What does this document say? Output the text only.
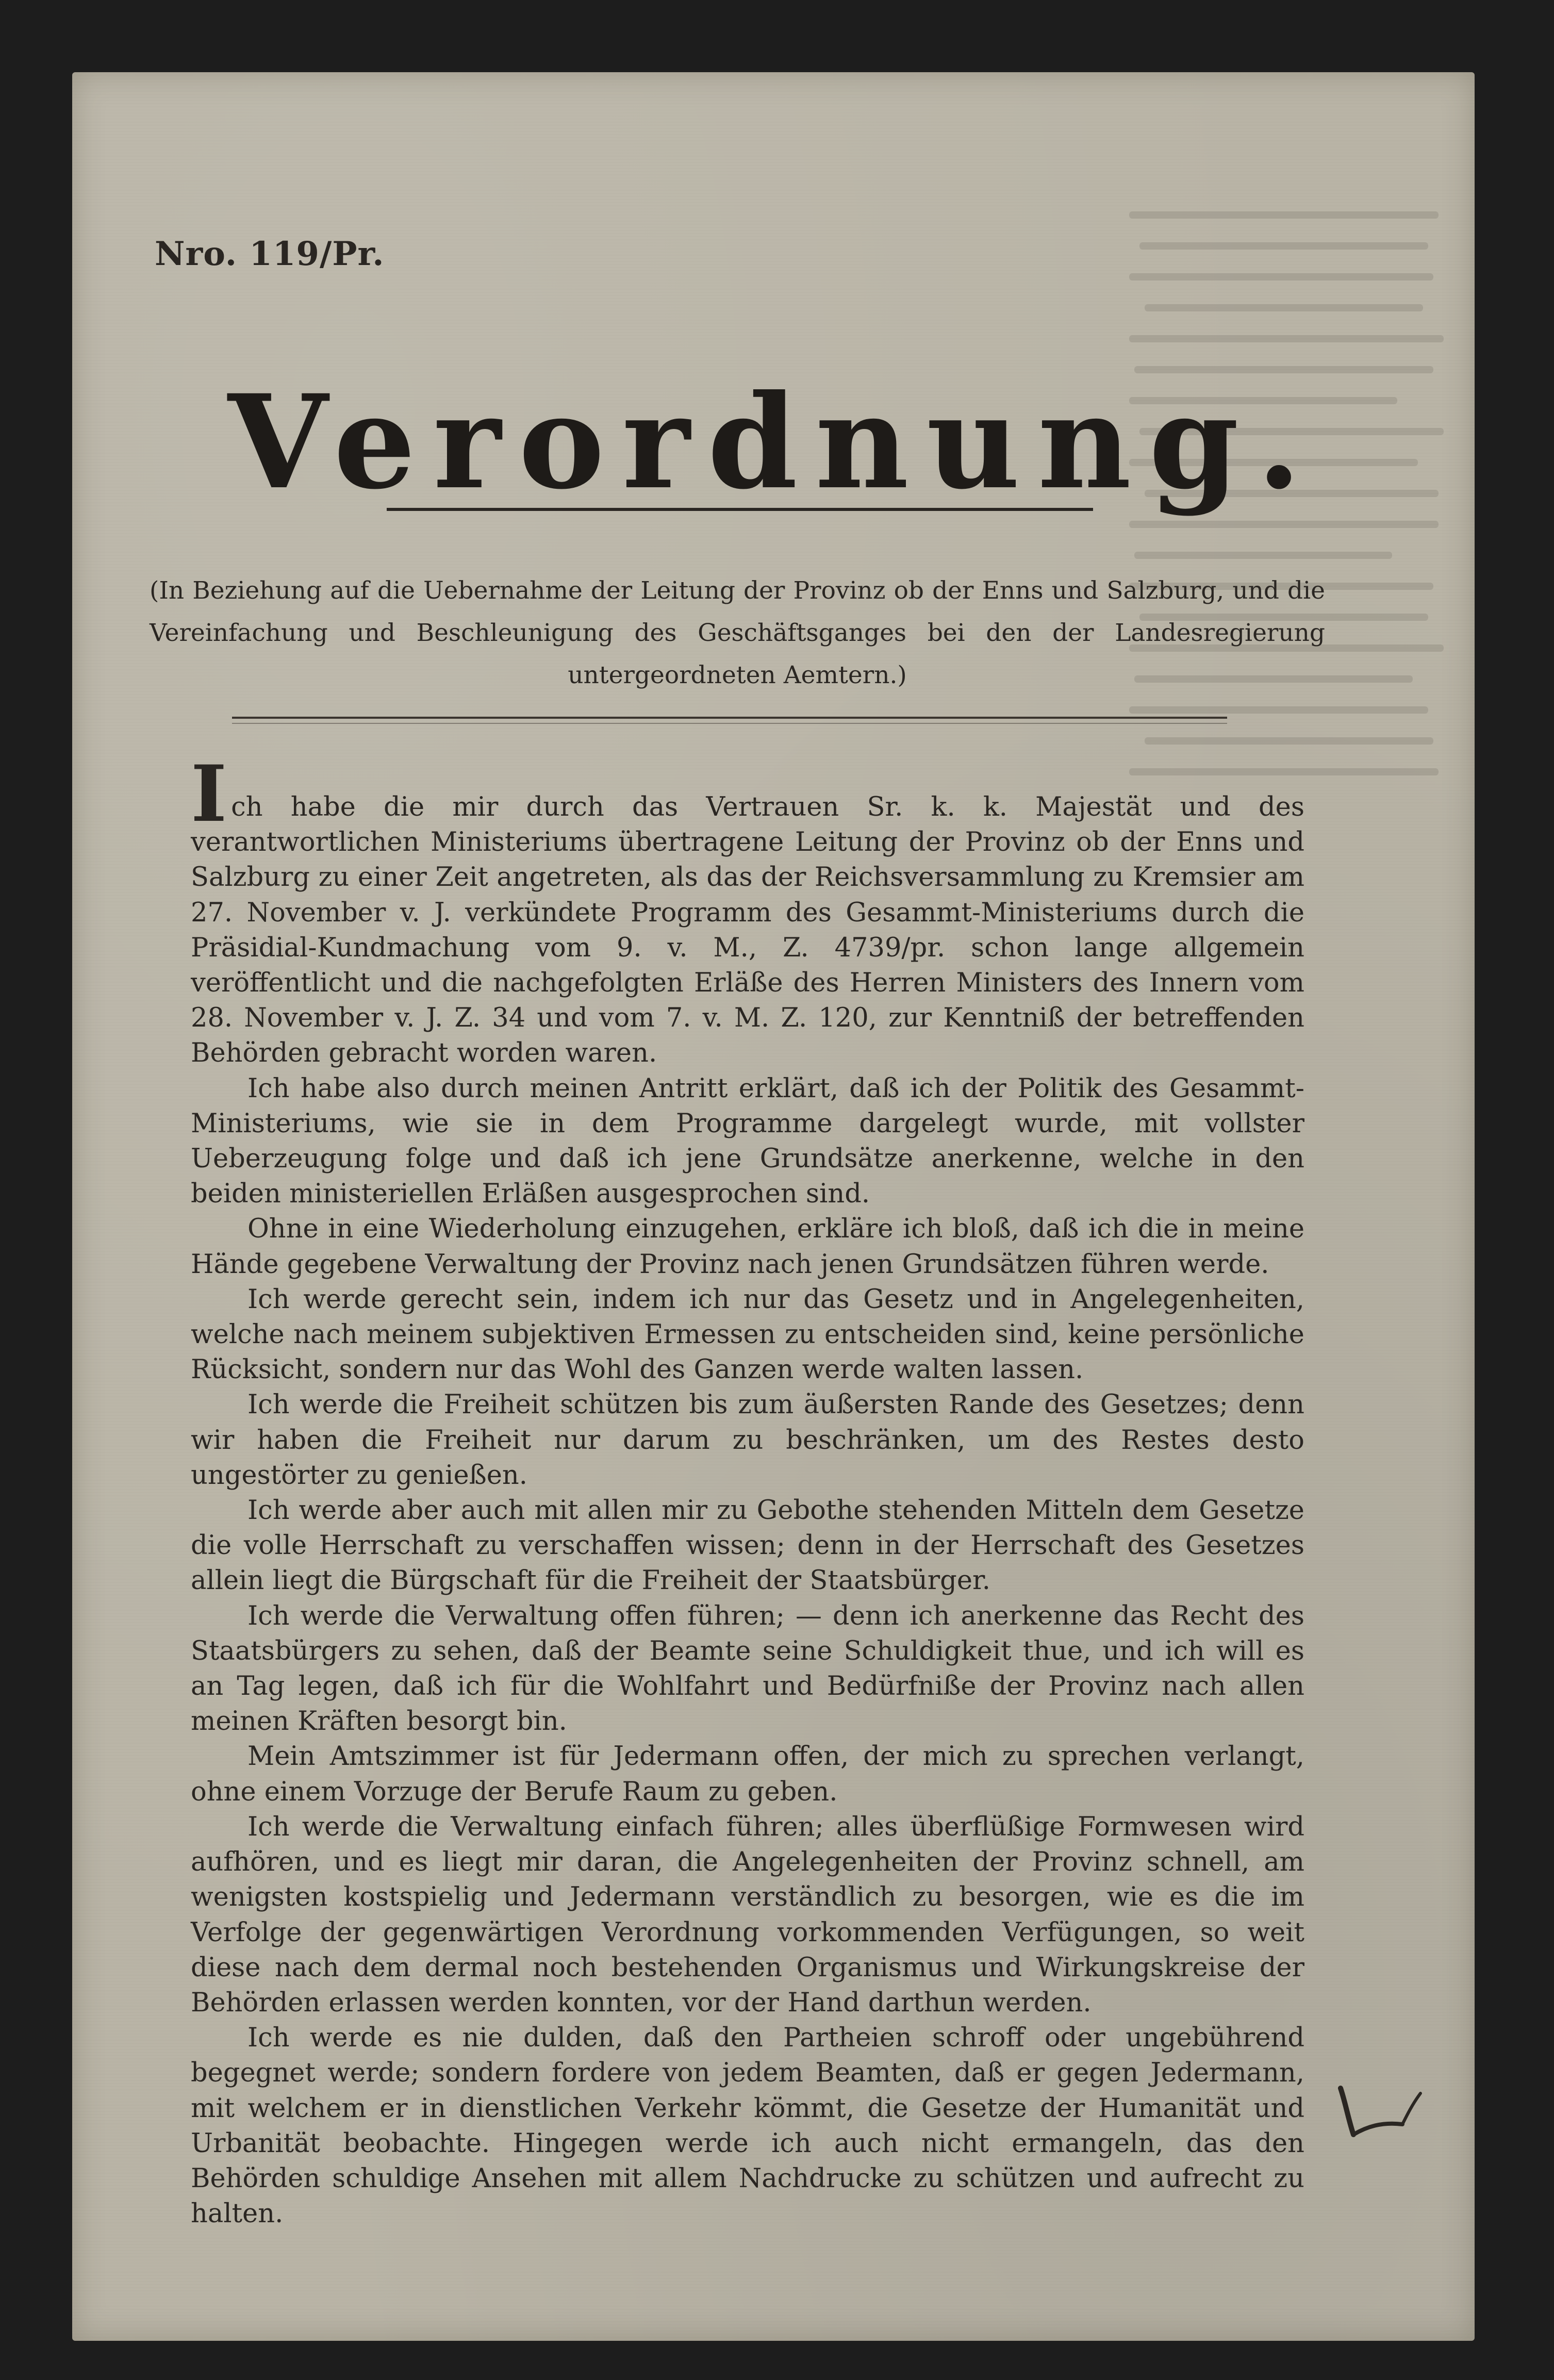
Nro. 119/Pr.
Verordnung.
(In Beziehung auf die Uebernahme der Leitung der Provinz ob der Enns und Salzburg, und die Vereinfachung und Beschleunigung des Geschäftsganges bei den der Landesregierung untergeordneten Aemtern.)

Ich habe die mir durch das Vertrauen Sr. k. k. Majestät und des verantwortlichen Ministeriums übertragene Leitung der Provinz ob der Enns und Salzburg zu einer Zeit angetreten, als das der Reichsversammlung zu Kremsier am 27. November v. J. verkündete Programm des Gesammt-Ministeriums durch die Präsidial-Kundmachung vom 9. v. M., Z. 4739/pr. schon lange allgemein veröffentlicht und die nachgefolgten Erläße des Herren Ministers des Innern vom 28. November v. J. Z. 34 und vom 7. v. M. Z. 120, zur Kenntniß der betreffenden Behörden gebracht worden waren.

Ich habe also durch meinen Antritt erklärt, daß ich der Politik des Gesammt-Ministeriums, wie sie in dem Programme dargelegt wurde, mit vollster Ueberzeugung folge und daß ich jene Grundsätze anerkenne, welche in den beiden ministeriellen Erläßen ausgesprochen sind.

Ohne in eine Wiederholung einzugehen, erkläre ich bloß, daß ich die in meine Hände gegebene Verwaltung der Provinz nach jenen Grundsätzen führen werde.

Ich werde gerecht sein, indem ich nur das Gesetz und in Angelegenheiten, welche nach meinem subjektiven Ermessen zu entscheiden sind, keine persönliche Rücksicht, sondern nur das Wohl des Ganzen werde walten lassen.

Ich werde die Freiheit schützen bis zum äußersten Rande des Gesetzes; denn wir haben die Freiheit nur darum zu beschränken, um des Restes desto ungestörter zu genießen.

Ich werde aber auch mit allen mir zu Gebothe stehenden Mitteln dem Gesetze die volle Herrschaft zu verschaffen wissen; denn in der Herrschaft des Gesetzes allein liegt die Bürgschaft für die Freiheit der Staatsbürger.

Ich werde die Verwaltung offen führen; — denn ich anerkenne das Recht des Staatsbürgers zu sehen, daß der Beamte seine Schuldigkeit thue, und ich will es an Tag legen, daß ich für die Wohlfahrt und Bedürfniße der Provinz nach allen meinen Kräften besorgt bin.

Mein Amtszimmer ist für Jedermann offen, der mich zu sprechen verlangt, ohne einem Vorzuge der Berufe Raum zu geben.

Ich werde die Verwaltung einfach führen; alles überflüßige Formwesen wird aufhören, und es liegt mir daran, die Angelegenheiten der Provinz schnell, am wenigsten kostspielig und Jedermann verständlich zu besorgen, wie es die im Verfolge der gegenwärtigen Verordnung vorkommenden Verfügungen, so weit diese nach dem dermal noch bestehenden Organismus und Wirkungskreise der Behörden erlassen werden konnten, vor der Hand darthun werden.

Ich werde es nie dulden, daß den Partheien schroff oder ungebührend begegnet werde; sondern fordere von jedem Beamten, daß er gegen Jedermann, mit welchem er in dienstlichen Verkehr kömmt, die Gesetze der Humanität und Urbanität beobachte. Hingegen werde ich auch nicht ermangeln, das den Behörden schuldige Ansehen mit allem Nachdrucke zu schützen und aufrecht zu halten.
